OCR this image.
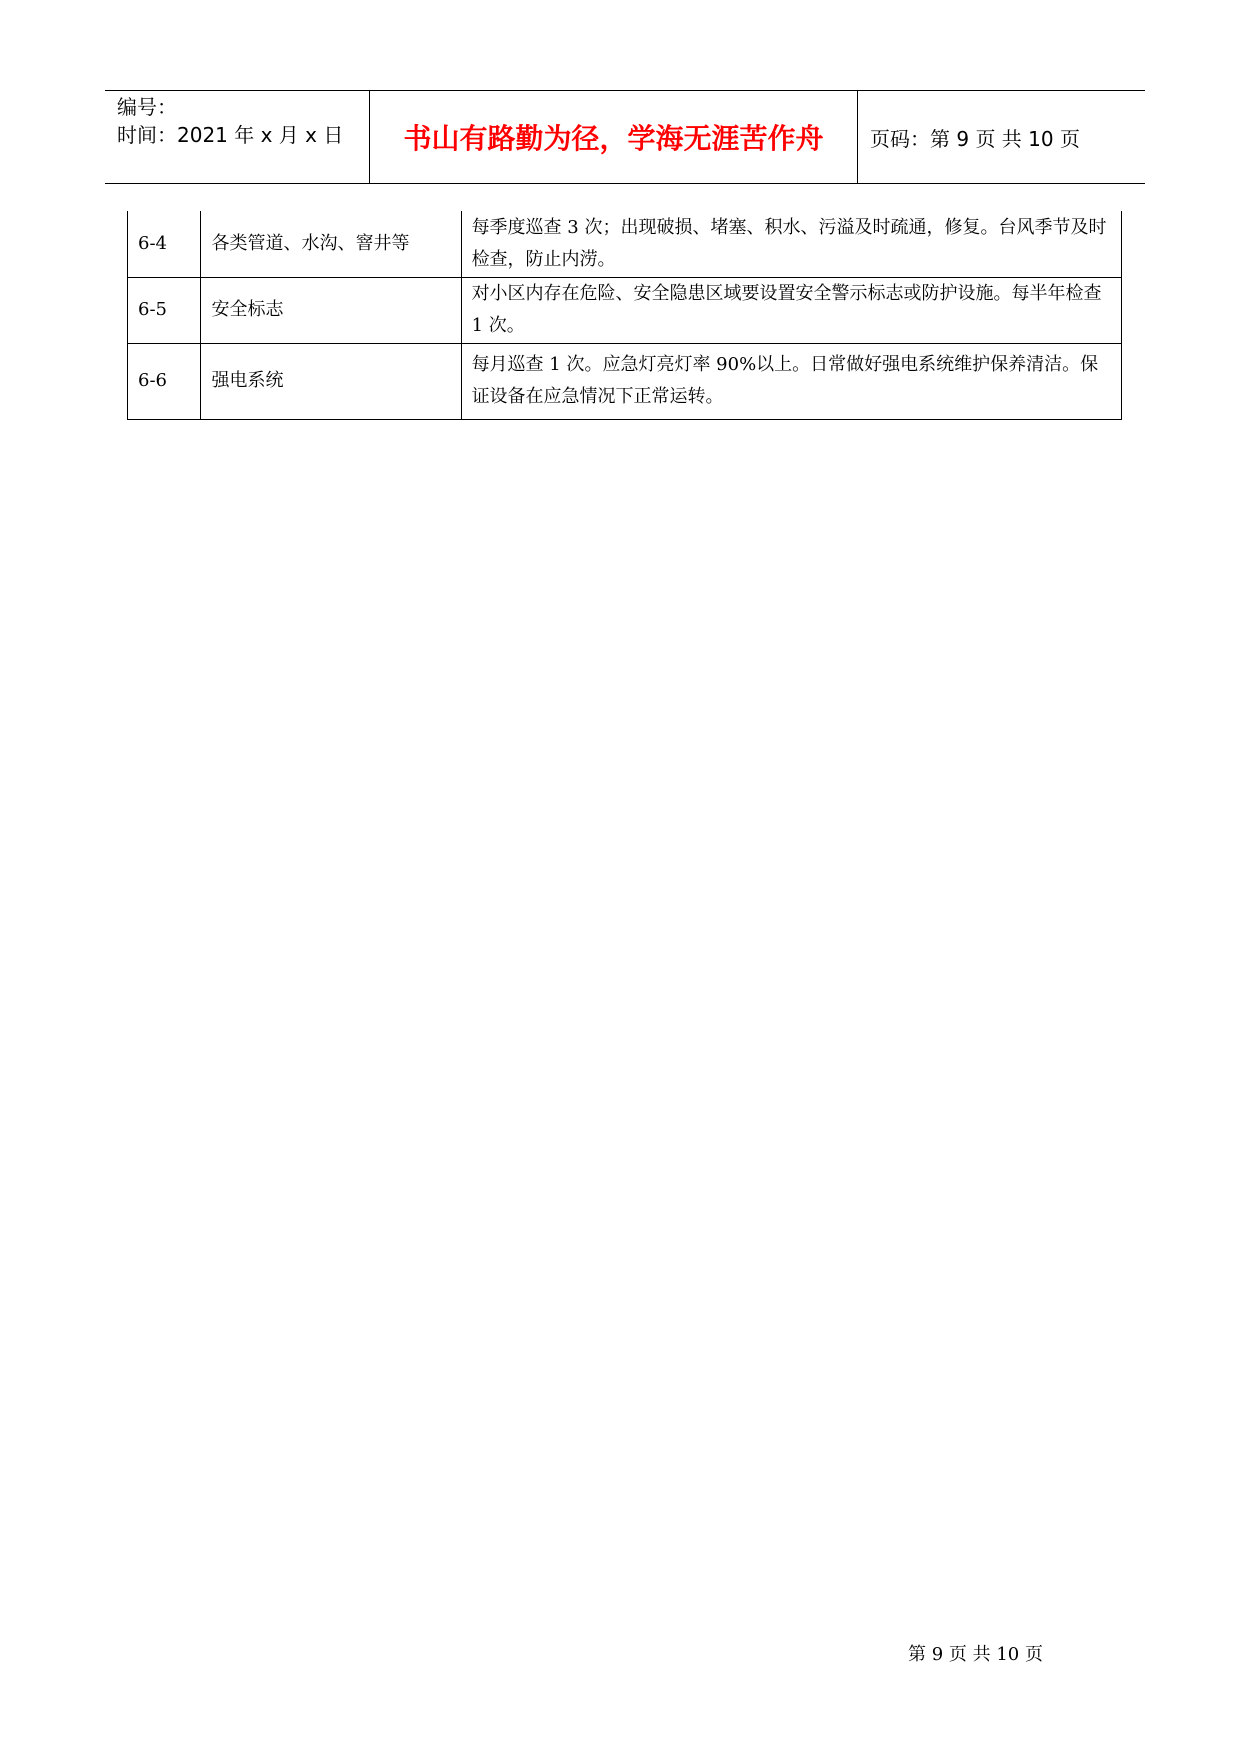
编号：
时间：2021 年 x 月 x 日	书山有路勤为径，学海无涯苦作舟	页码：第 9 页 共 10 页
6-4	各类管道、水沟、窨井等	每季度巡查 3 次；出现破损、堵塞、积水、污溢及时疏通，修复。台风季节及时检查，防止内涝。
6-5	安全标志	对小区内存在危险、安全隐患区域要设置安全警示标志或防护设施。每半年检查 1 次。
6-6	强电系统	每月巡查 1 次。应急灯亮灯率 90%以上。日常做好强电系统维护保养清洁。保证设备在应急情况下正常运转。
第 9 页 共 10 页
